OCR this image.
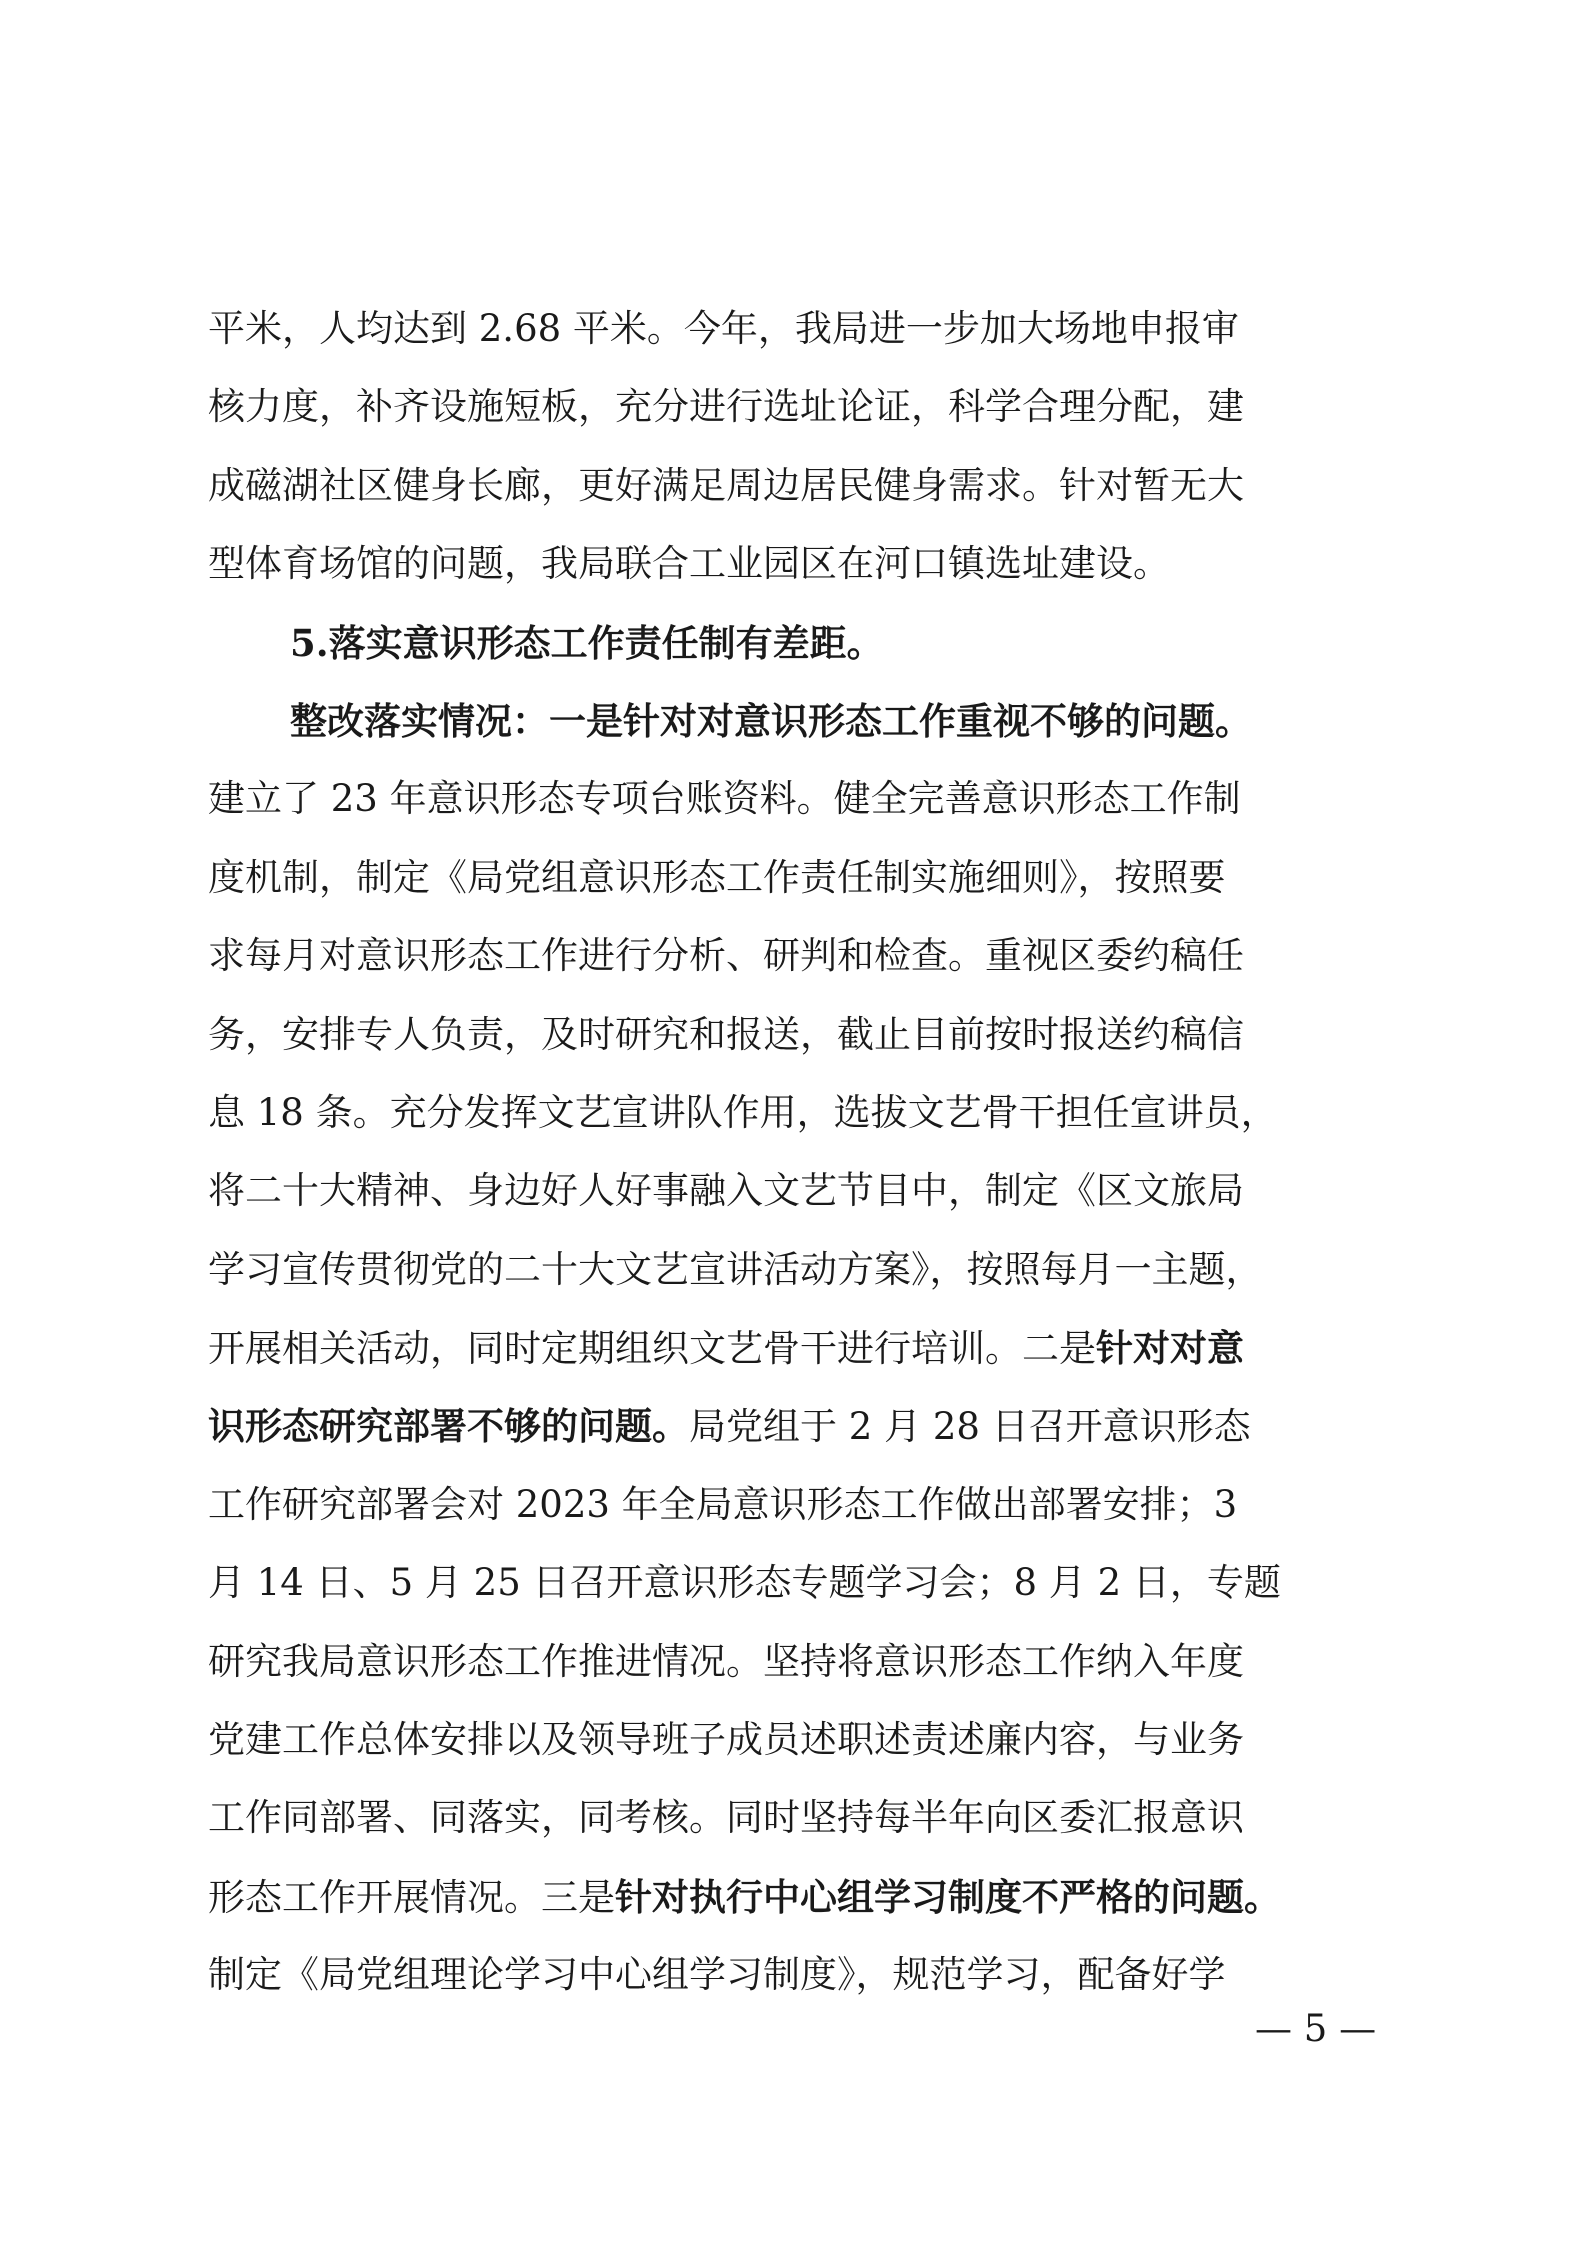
平米，人均达到 2.68 平米。今年，我局进一步加大场地申报审
核力度，补齐设施短板，充分进行选址论证，科学合理分配，建
成磁湖社区健身长廊，更好满足周边居民健身需求。针对暂无大
型体育场馆的问题，我局联合工业园区在河口镇选址建设。
5.落实意识形态工作责任制有差距。
整改落实情况：一是针对对意识形态工作重视不够的问题。
建立了 23 年意识形态专项台账资料。健全完善意识形态工作制
度机制，制定《局党组意识形态工作责任制实施细则》，按照要
求每月对意识形态工作进行分析、研判和检查。重视区委约稿任
务，安排专人负责，及时研究和报送，截止目前按时报送约稿信
息 18 条。充分发挥文艺宣讲队作用，选拔文艺骨干担任宣讲员，
将二十大精神、身边好人好事融入文艺节目中，制定《区文旅局
学习宣传贯彻党的二十大文艺宣讲活动方案》，按照每月一主题，
开展相关活动，同时定期组织文艺骨干进行培训。二是针对对意
识形态研究部署不够的问题。局党组于 2 月 28 日召开意识形态
工作研究部署会对 2023 年全局意识形态工作做出部署安排；3
月 14 日、5 月 25 日召开意识形态专题学习会；8 月 2 日，专题
研究我局意识形态工作推进情况。坚持将意识形态工作纳入年度
党建工作总体安排以及领导班子成员述职述责述廉内容，与业务
工作同部署、同落实，同考核。同时坚持每半年向区委汇报意识
形态工作开展情况。三是针对执行中心组学习制度不严格的问题。
制定《局党组理论学习中心组学习制度》，规范学习，配备好学
— 5 —
